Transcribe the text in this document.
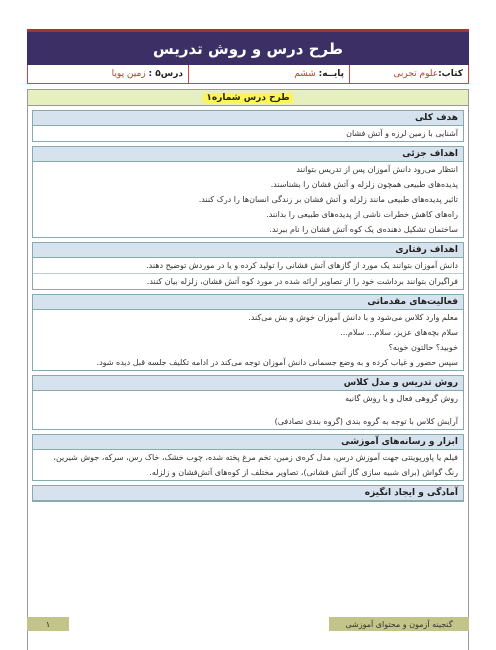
طرح درس و روش تدریس
کتاب:
علوم تجربی
پایــه:

ششم
درس۵ :

زمین پویا
طرح درس شماره۱
هدف کلی
آشنایی با زمین لرزه و آتش فشان
اهداف جزئی
انتظار می‌رود دانش آموزان پس از تدریس بتوانند
پدیده‌های طبیعی همچون زلزله و آتش فشان را بشناسند.
تاثیر پدیده‌های طبیعی مانند زلزله و آتش فشان بر زندگی انسان‌ها را درک کنند.
راه‌های کاهش خطرات ناشی از پدیده‌های طبیعی را بدانند.
ساختمان تشکیل دهنده‌ی یک کوه آتش فشان را نام ببرند.
اهداف رفتاری
دانش آموزان بتوانند یک مورد از گازهای آتش فشانی را تولید کرده و یا در موردش توضیح دهند.
فراگیران بتوانند برداشت خود را از تصاویر ارائه شده در مورد کوه آتش فشان، زلزله بیان کنند.
فعالیت‌های مقدماتی
معلم وارد کلاس می‌شود و با دانش آموزان خوش و بش می‌کند.
سلام بچه‌های عزیز، سلام... سلام...
خوبید؟ حالتون خوبه؟
سپس حضور و غیاب کرده و به وضع جسمانی دانش آموزان توجه می‌کند در ادامه تکلیف جلسه قبل دیده شود.
روش تدریس و مدل کلاس
روش گروهی فعال و یا روش گانیه
آرایش کلاس با توجه به گروه بندی (گروه بندی تصادفی)
ابزار و رسانه‌های آموزشی
فیلم یا پاورپوینتی جهت آموزش درس، مدل کره‌ی زمین، تخم مرغ پخته شده، چوب خشک، خاک رس، سرکه، جوش شیرین، رنگ گواش (برای شبیه سازی گاز آتش فشانی)، تصاویر مختلف از کوه‌های آتش‌فشان و زلزله.
آمادگی و ایجاد انگیزه
گنجینه آزمون و محتوای آموزشی
۱
